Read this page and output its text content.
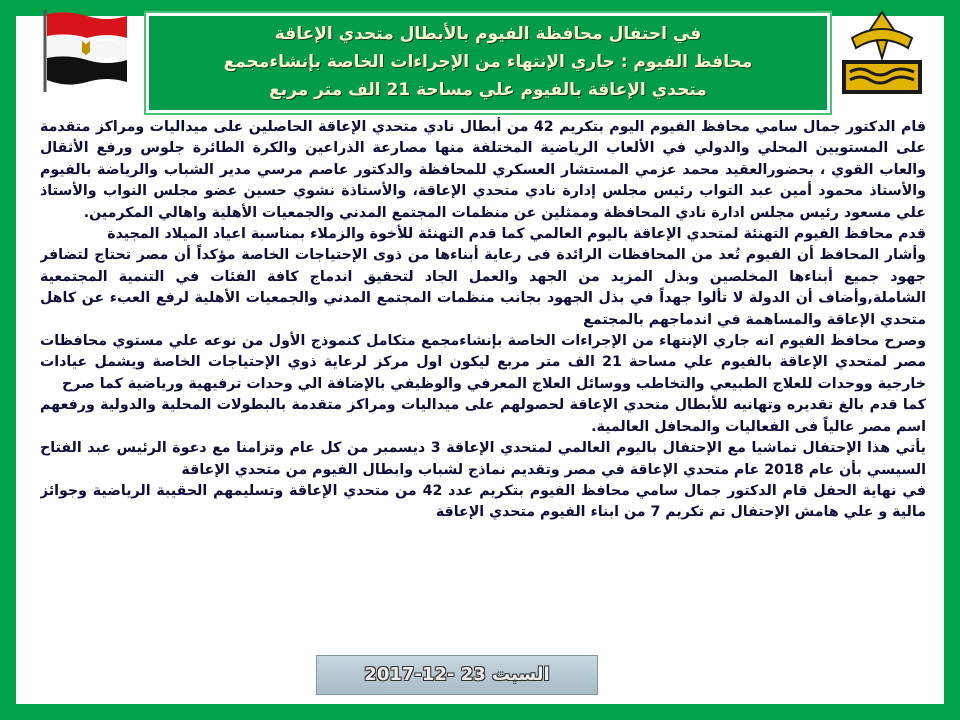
في احتفال محافظة الفيوم بالأبطال متحدي الإعاقة
محافظ الفيوم : جاري الإنتهاء من الإجراءات الخاصة بإنشاءمجمع
متحدي الإعاقة بالفيوم علي مساحة 21 الف متر مربع

قام الدكتور جمال سامي محافظ الفيوم اليوم بتكريم 42 من أبطال نادي متحدي الإعاقة الحاصلين على ميداليات ومراكز متقدمة على المستويين المحلي والدولي في الألعاب الرياضية المختلفة منها مصارعة الذراعين والكرة الطائرة جلوس ورفع الأثقال والعاب القوي ، بحضورالعقيد محمد عزمي المستشار العسكري للمحافظة والدكتور عاصم مرسي مدير الشباب والرياضة بالفيوم والأستاذ محمود أمين عبد التواب رئيس مجلس إدارة نادي متحدي الإعاقة، والأستاذة نشوي حسين عضو مجلس النواب والأستاذ علي مسعود رئيس مجلس ادارة نادي المحافظة وممثلين عن منظمات المجتمع المدني والجمعيات الأهلية واهالي المكرمين.

قدم محافظ الفيوم التهنئة لمتحدي الإعاقة باليوم العالمي كما قدم التهنئة للأخوة والزملاء بمناسبة اعياد الميلاد المجيدة

وأشار المحافظ أن الفيوم تُعد من المحافظات الرائدة فى رعاية أبناءها من ذوى الإحتياجات الخاصة مؤكداً أن مصر تحتاج لتضافر جهود جميع أبناءها المخلصين وبذل المزيد من الجهد والعمل الجاد لتحقيق اندماج كافة الفئات في التنمية المجتمعية الشاملة,وأضاف أن الدولة لا تألوا جهداً في بذل الجهود بجانب منظمات المجتمع المدني والجمعيات الأهلية لرفع العبء عن كاهل متحدي الإعاقة والمساهمة في اندماجهم بالمجتمع

وصرح محافظ الفيوم انه جاري الإنتهاء من الإجراءات الخاصة بإنشاءمجمع متكامل كنموذج الأول من نوعه علي مستوي محافظات مصر لمتحدي الإعاقة بالفيوم علي مساحة 21 الف متر مربع ليكون اول مركز لرعاية ذوي الإحتياجات الخاصة ويشمل عيادات خارجية ووحدات للعلاج الطبيعي والتخاطب ووسائل العلاج المعرفي والوظيفي بالإضافة الي وحدات ترفيهية ورياضية كما صرح

كما قدم بالغ تقديره وتهانيه للأبطال متحدي الإعاقة لحصولهم على ميداليات ومراكز متقدمة بالبطولات المحلية والدولية ورفعهم اسم مصر عالياً فى الفعاليات والمحافل العالمية.

يأتي هذا الإحتفال تماشيا مع الإحتفال باليوم العالمي لمتحدي الإعاقة 3 ديسمبر من كل عام وتزامنا مع دعوة الرئيس عبد الفتاح السيسي بأن عام 2018 عام متحدي الإعاقة في مصر وتقديم نماذج لشباب وابطال الفيوم من متحدي الإعاقة

في نهاية الحفل قام الدكتور جمال سامي محافظ الفيوم بتكريم عدد 42 من متحدي الإعاقة وتسليمهم الحقيبة الرياضية وجوائز مالية و علي هامش الإحتفال تم تكريم 7 من ابناء الفيوم متحدي الإعاقة

السبت 23 -12-2017
